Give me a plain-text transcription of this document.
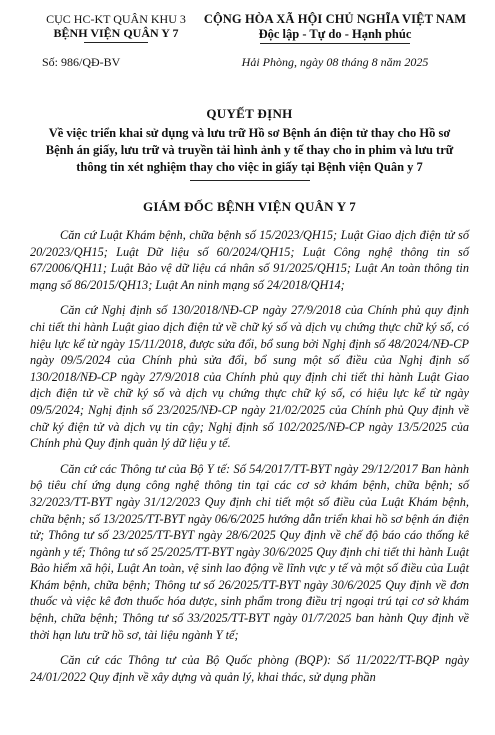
CỤC HC-KT QUÂN KHU 3
BỆNH VIỆN QUÂN Y 7
Số: 986/QĐ-BV
CỘNG HÒA XÃ HỘI CHỦ NGHĨA VIỆT NAM
Độc lập - Tự do - Hạnh phúc
Hải Phòng, ngày 08 tháng 8 năm 2025
QUYẾT ĐỊNH
Về việc triển khai sử dụng và lưu trữ Hồ sơ Bệnh án điện tử thay cho Hồ sơ Bệnh án giấy, lưu trữ và truyền tải hình ảnh y tế thay cho in phim và lưu trữ thông tin xét nghiệm thay cho việc in giấy tại Bệnh viện Quân y 7
GIÁM ĐỐC BỆNH VIỆN QUÂN Y 7

Căn cứ Luật Khám bệnh, chữa bệnh số 15/2023/QH15; Luật Giao dịch điện tử số 20/2023/QH15; Luật Dữ liệu số 60/2024/QH15; Luật Công nghệ thông tin số 67/2006/QH11; Luật Bảo vệ dữ liệu cá nhân số 91/2025/QH15; Luật An toàn thông tin mạng số 86/2015/QH13; Luật An ninh mạng số 24/2018/QH14;

Căn cứ Nghị định số 130/2018/NĐ-CP ngày 27/9/2018 của Chính phủ quy định chi tiết thi hành Luật giao dịch điện tử về chữ ký số và dịch vụ chứng thực chữ ký số, có hiệu lực kể từ ngày 15/11/2018, được sửa đổi, bổ sung bởi Nghị định số 48/2024/NĐ-CP ngày 09/5/2024 của Chính phủ sửa đổi, bổ sung một số điều của Nghị định số 130/2018/NĐ-CP ngày 27/9/2018 của Chính phủ quy định chi tiết thi hành Luật Giao dịch điện tử về chữ ký số và dịch vụ chứng thực chữ ký số, có hiệu lực kể từ ngày 09/5/2024; Nghị định số 23/2025/NĐ-CP ngày 21/02/2025 của Chính phủ Quy định về chữ ký điện tử và dịch vụ tin cậy; Nghị định số 102/2025/NĐ-CP ngày 13/5/2025 của Chính phủ Quy định quản lý dữ liệu y tế.

Căn cứ các Thông tư của Bộ Y tế: Số 54/2017/TT-BYT ngày 29/12/2017 Ban hành bộ tiêu chí ứng dụng công nghệ thông tin tại các cơ sở khám bệnh, chữa bệnh; số 32/2023/TT-BYT ngày 31/12/2023 Quy định chi tiết một số điều của Luật Khám bệnh, chữa bệnh; số 13/2025/TT-BYT ngày 06/6/2025 hướng dẫn triển khai hồ sơ bệnh án điện tử; Thông tư số 23/2025/TT-BYT ngày 28/6/2025 Quy định về chế độ báo cáo thống kê ngành y tế; Thông tư số 25/2025/TT-BYT ngày 30/6/2025 Quy định chi tiết thi hành Luật Bảo hiểm xã hội, Luật An toàn, vệ sinh lao động về lĩnh vực y tế và một số điều của Luật Khám bệnh, chữa bệnh; Thông tư số 26/2025/TT-BYT ngày 30/6/2025 Quy định về đơn thuốc và việc kê đơn thuốc hóa dược, sinh phẩm trong điều trị ngoại trú tại cơ sở khám bệnh, chữa bệnh; Thông tư số 33/2025/TT-BYT ngày 01/7/2025 ban hành Quy định về thời hạn lưu trữ hồ sơ, tài liệu ngành Y tế;

Căn cứ các Thông tư của Bộ Quốc phòng (BQP): Số 11/2022/TT-BQP ngày 24/01/2022 Quy định về xây dựng và quản lý, khai thác, sử dụng phần
